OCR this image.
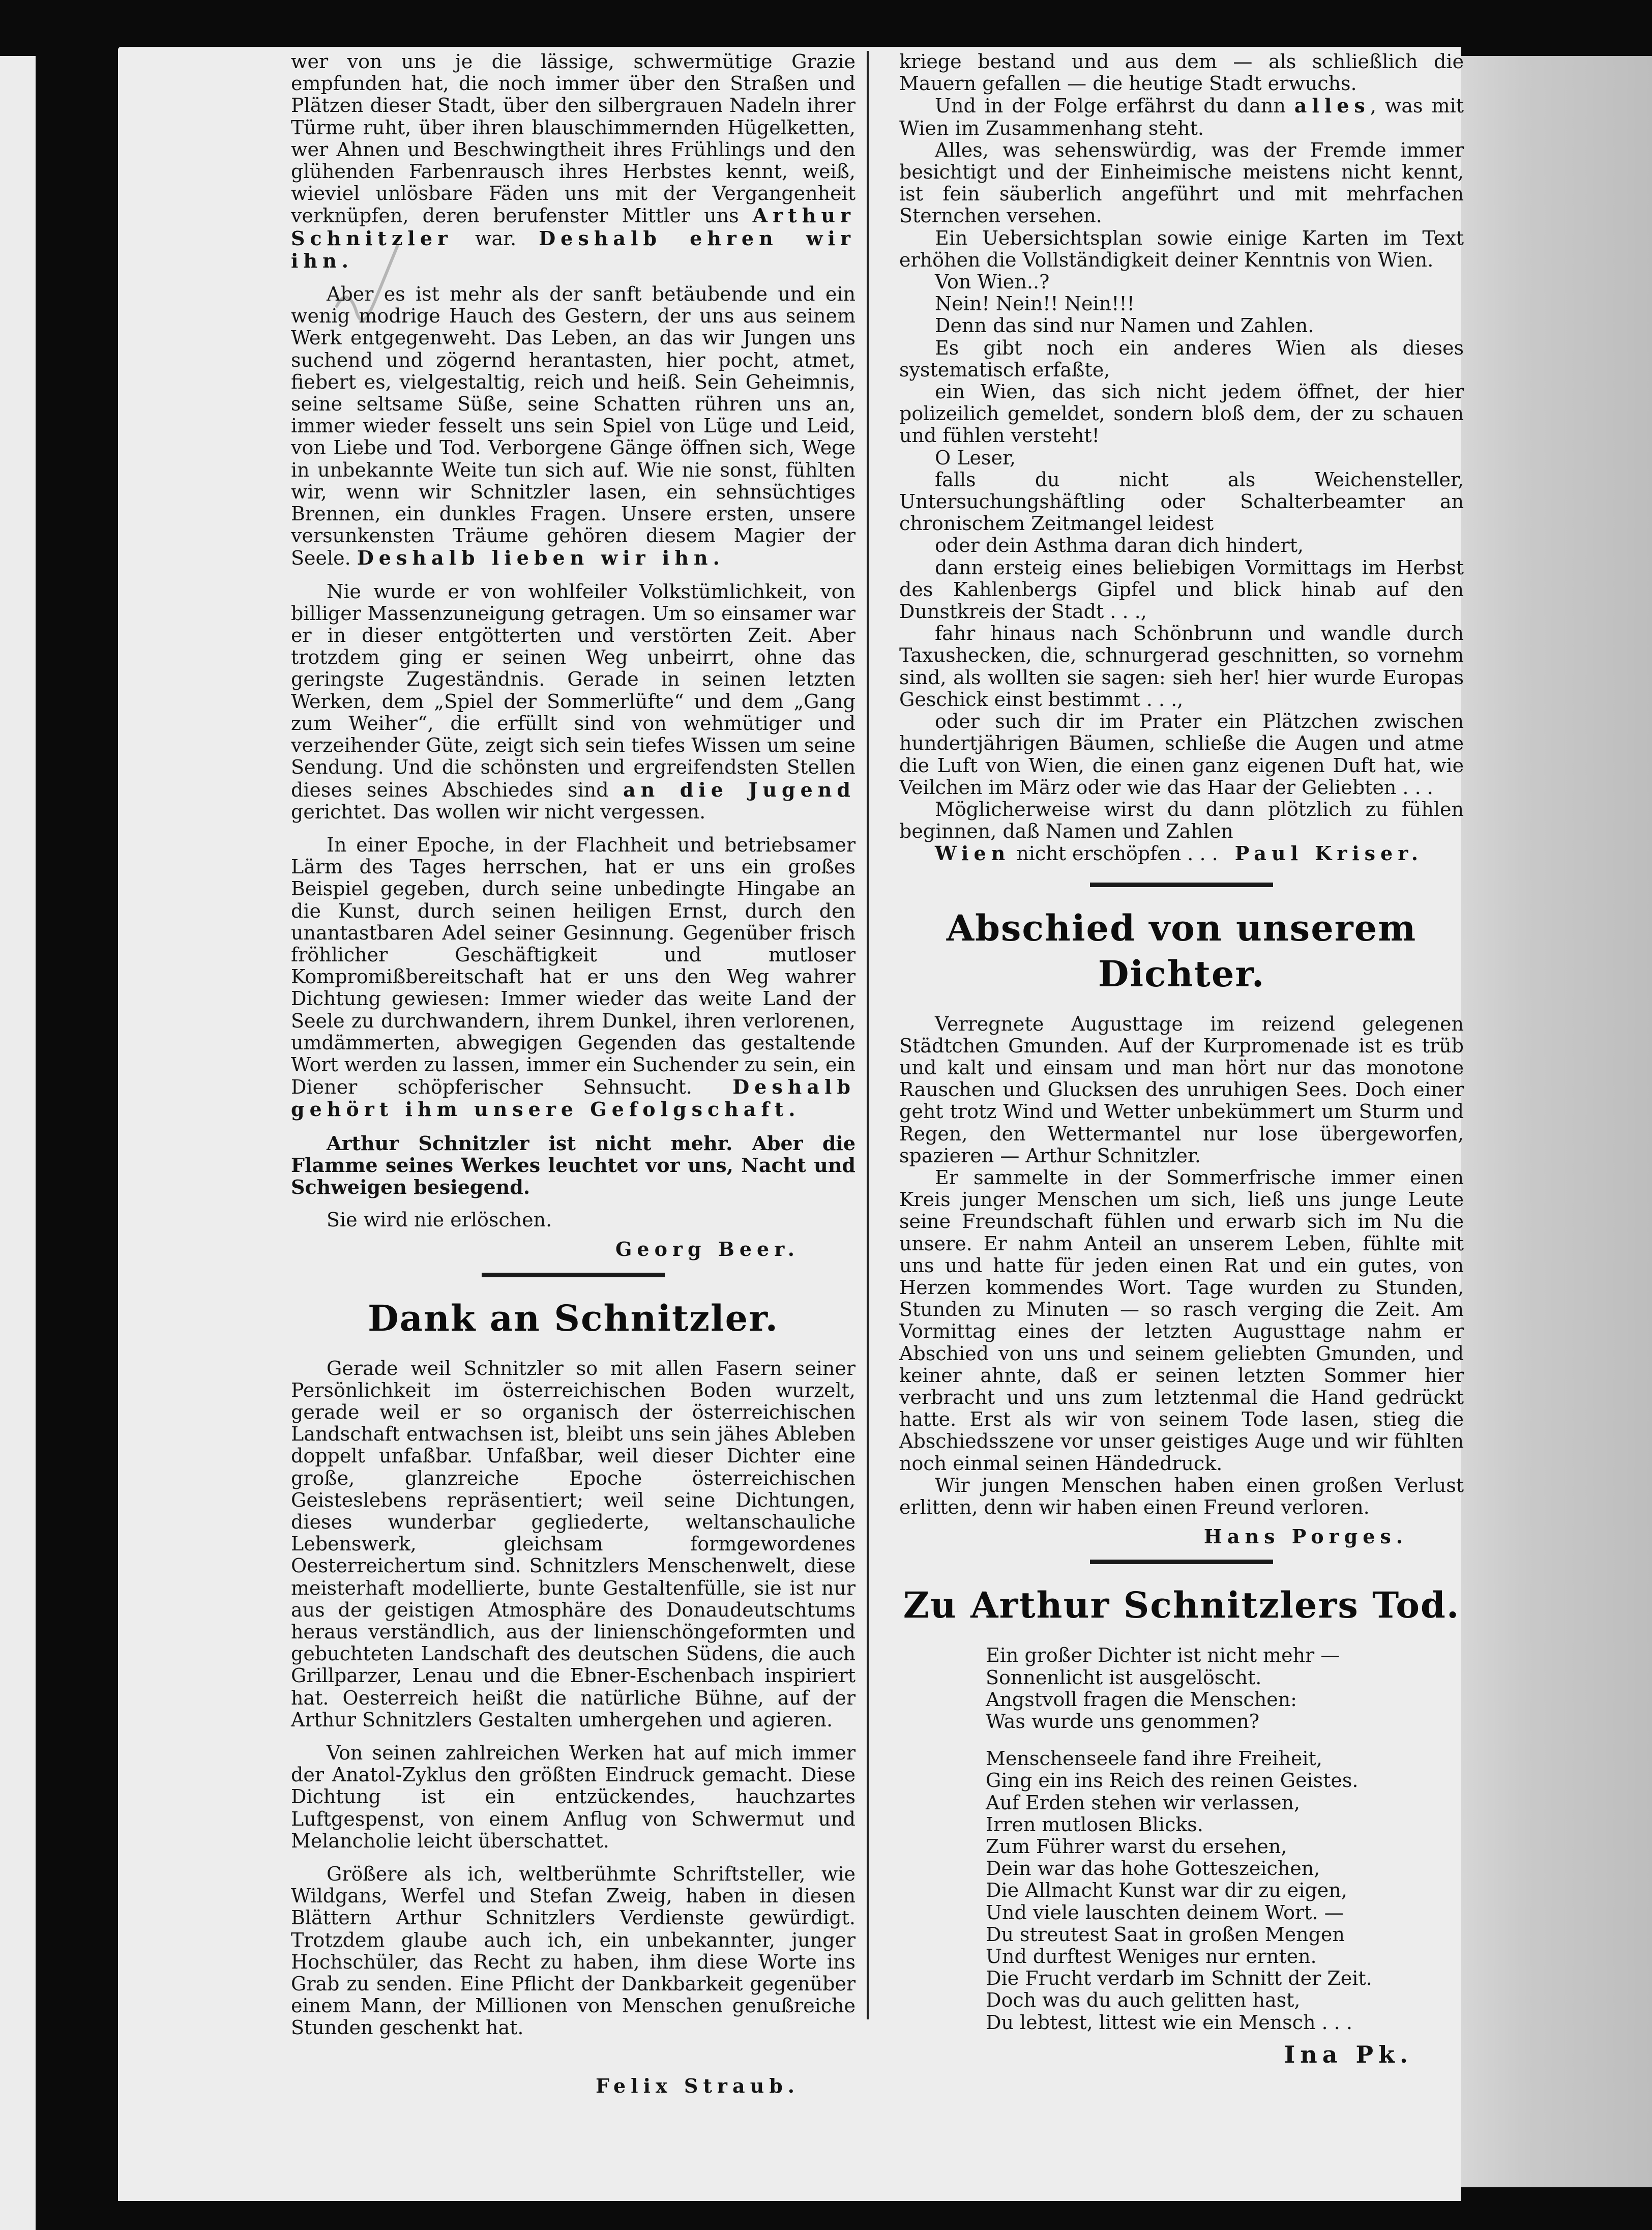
wer von uns je die lässige, schwermütige Grazie empfunden hat, die noch immer über den Straßen und Plätzen dieser Stadt, über den silbergrauen Nadeln ihrer Türme ruht, über ihren blauschimmernden Hügelketten, wer Ahnen und Beschwingtheit ihres Frühlings und den glühenden Farbenrausch ihres Herbstes kennt, weiß, wieviel unlösbare Fäden uns mit der Vergangenheit verknüpfen, deren berufenster Mittler uns Arthur Schnitzler war. Deshalb ehren wir ihn.

Aber es ist mehr als der sanft betäubende und ein wenig modrige Hauch des Gestern, der uns aus seinem Werk entgegenweht. Das Leben, an das wir Jungen uns suchend und zögernd herantasten, hier pocht, atmet, fiebert es, vielgestaltig, reich und heiß. Sein Geheimnis, seine seltsame Süße, seine Schatten rühren uns an, immer wieder fesselt uns sein Spiel von Lüge und Leid, von Liebe und Tod. Verborgene Gänge öffnen sich, Wege in unbekannte Weite tun sich auf. Wie nie sonst, fühlten wir, wenn wir Schnitzler lasen, ein sehnsüchtiges Brennen, ein dunkles Fragen. Unsere ersten, unsere versunkensten Träume gehören diesem Magier der Seele. Deshalb lieben wir ihn.

Nie wurde er von wohlfeiler Volkstümlichkeit, von billiger Massenzuneigung getragen. Um so einsamer war er in dieser entgötterten und verstörten Zeit. Aber trotzdem ging er seinen Weg unbeirrt, ohne das geringste Zugeständnis. Gerade in seinen letzten Werken, dem „Spiel der Sommerlüfte“ und dem „Gang zum Weiher“, die erfüllt sind von wehmütiger und verzeihender Güte, zeigt sich sein tiefes Wissen um seine Sendung. Und die schönsten und ergreifendsten Stellen dieses seines Abschiedes sind an die Jugend gerichtet. Das wollen wir nicht vergessen.

In einer Epoche, in der Flachheit und betriebsamer Lärm des Tages herrschen, hat er uns ein großes Beispiel gegeben, durch seine unbedingte Hingabe an die Kunst, durch seinen heiligen Ernst, durch den unantastbaren Adel seiner Gesinnung. Gegenüber frisch fröhlicher Geschäftigkeit und mutloser Kompromißbereitschaft hat er uns den Weg wahrer Dichtung gewiesen: Immer wieder das weite Land der Seele zu durchwandern, ihrem Dunkel, ihren verlorenen, umdämmerten, abwegigen Gegenden das gestaltende Wort werden zu lassen, immer ein Suchender zu sein, ein Diener schöpferischer Sehnsucht. Deshalb gehört ihm unsere Gefolgschaft.

Arthur Schnitzler ist nicht mehr. Aber die Flamme seines Werkes leuchtet vor uns, Nacht und Schweigen besiegend.

Sie wird nie erlöschen.

Georg Beer.
Dank an Schnitzler.

Gerade weil Schnitzler so mit allen Fasern seiner Persönlichkeit im österreichischen Boden wurzelt, gerade weil er so organisch der österreichischen Landschaft entwachsen ist, bleibt uns sein jähes Ableben doppelt unfaßbar. Unfaßbar, weil dieser Dichter eine große, glanzreiche Epoche österreichischen Geisteslebens repräsentiert; weil seine Dichtungen, dieses wunderbar gegliederte, weltanschauliche Lebenswerk, gleichsam formgewordenes Oesterreichertum sind. Schnitzlers Menschenwelt, diese meisterhaft modellierte, bunte Gestaltenfülle, sie ist nur aus der geistigen Atmosphäre des Donaudeutschtums heraus verständlich, aus der linienschöngeformten und gebuchteten Landschaft des deutschen Südens, die auch Grillparzer, Lenau und die Ebner-Eschenbach inspiriert hat. Oesterreich heißt die natürliche Bühne, auf der Arthur Schnitzlers Gestalten umhergehen und agieren.

Von seinen zahlreichen Werken hat auf mich immer der Anatol-Zyklus den größten Eindruck gemacht. Diese Dichtung ist ein entzückendes, hauchzartes Luftgespenst, von einem Anflug von Schwermut und Melancholie leicht überschattet.

Größere als ich, weltberühmte Schriftsteller, wie Wildgans, Werfel und Stefan Zweig, haben in diesen Blättern Arthur Schnitzlers Verdienste gewürdigt. Trotzdem glaube auch ich, ein unbekannter, junger Hochschüler, das Recht zu haben, ihm diese Worte ins Grab zu senden. Eine Pflicht der Dankbarkeit gegenüber einem Mann, der Millionen von Menschen genußreiche Stunden geschenkt hat.

Felix Straub.

kriege bestand und aus dem — als schließlich die Mauern gefallen — die heutige Stadt erwuchs.

Und in der Folge erfährst du dann alles, was mit Wien im Zusammenhang steht.

Alles, was sehenswürdig, was der Fremde immer besichtigt und der Einheimische meistens nicht kennt, ist fein säuberlich angeführt und mit mehrfachen Sternchen versehen.

Ein Uebersichtsplan sowie einige Karten im Text erhöhen die Vollständigkeit deiner Kenntnis von Wien.

Von Wien..?

Nein! Nein!! Nein!!!

Denn das sind nur Namen und Zahlen.

Es gibt noch ein anderes Wien als dieses systematisch erfaßte,

ein Wien, das sich nicht jedem öffnet, der hier polizeilich gemeldet, sondern bloß dem, der zu schauen und fühlen versteht!

O Leser,

falls du nicht als Weichensteller, Untersuchungshäftling oder Schalterbeamter an chronischem Zeitmangel leidest

oder dein Asthma daran dich hindert,

dann ersteig eines beliebigen Vormittags im Herbst des Kahlenbergs Gipfel und blick hinab auf den Dunstkreis der Stadt . . .,

fahr hinaus nach Schönbrunn und wandle durch Taxushecken, die, schnurgerad geschnitten, so vornehm sind, als wollten sie sagen: sieh her! hier wurde Europas Geschick einst bestimmt . . .,

oder such dir im Prater ein Plätzchen zwischen hundertjährigen Bäumen, schließe die Augen und atme die Luft von Wien, die einen ganz eigenen Duft hat, wie Veilchen im März oder wie das Haar der Geliebten . . .

Möglicherweise wirst du dann plötzlich zu fühlen beginnen, daß Namen und Zahlen

Wien nicht erschöpfen . . . Paul Kriser.
Abschied von unserem Dichter.

Verregnete Augusttage im reizend gelegenen Städtchen Gmunden. Auf der Kurpromenade ist es trüb und kalt und einsam und man hört nur das monotone Rauschen und Glucksen des unruhigen Sees. Doch einer geht trotz Wind und Wetter unbekümmert um Sturm und Regen, den Wettermantel nur lose übergeworfen, spazieren — Arthur Schnitzler.

Er sammelte in der Sommerfrische immer einen Kreis junger Menschen um sich, ließ uns junge Leute seine Freundschaft fühlen und erwarb sich im Nu die unsere. Er nahm Anteil an unserem Leben, fühlte mit uns und hatte für jeden einen Rat und ein gutes, von Herzen kommendes Wort. Tage wurden zu Stunden, Stunden zu Minuten — so rasch verging die Zeit. Am Vormittag eines der letzten Augusttage nahm er Abschied von uns und seinem geliebten Gmunden, und keiner ahnte, daß er seinen letzten Sommer hier verbracht und uns zum letztenmal die Hand gedrückt hatte. Erst als wir von seinem Tode lasen, stieg die Abschiedsszene vor unser geistiges Auge und wir fühlten noch einmal seinen Händedruck.

Wir jungen Menschen haben einen großen Verlust erlitten, denn wir haben einen Freund verloren.

Hans Porges.
Zu Arthur Schnitzlers Tod.
Ein großer Dichter ist nicht mehr —
Sonnenlicht ist ausgelöscht.
Angstvoll fragen die Menschen:
Was wurde uns genommen?
Menschenseele fand ihre Freiheit,
Ging ein ins Reich des reinen Geistes.
Auf Erden stehen wir verlassen,
Irren mutlosen Blicks.
Zum Führer warst du ersehen,
Dein war das hohe Gotteszeichen,
Die Allmacht Kunst war dir zu eigen,
Und viele lauschten deinem Wort. —
Du streutest Saat in großen Mengen
Und durftest Weniges nur ernten.
Die Frucht verdarb im Schnitt der Zeit.
Doch was du auch gelitten hast,
Du lebtest, littest wie ein Mensch . . .
Ina Pk.
